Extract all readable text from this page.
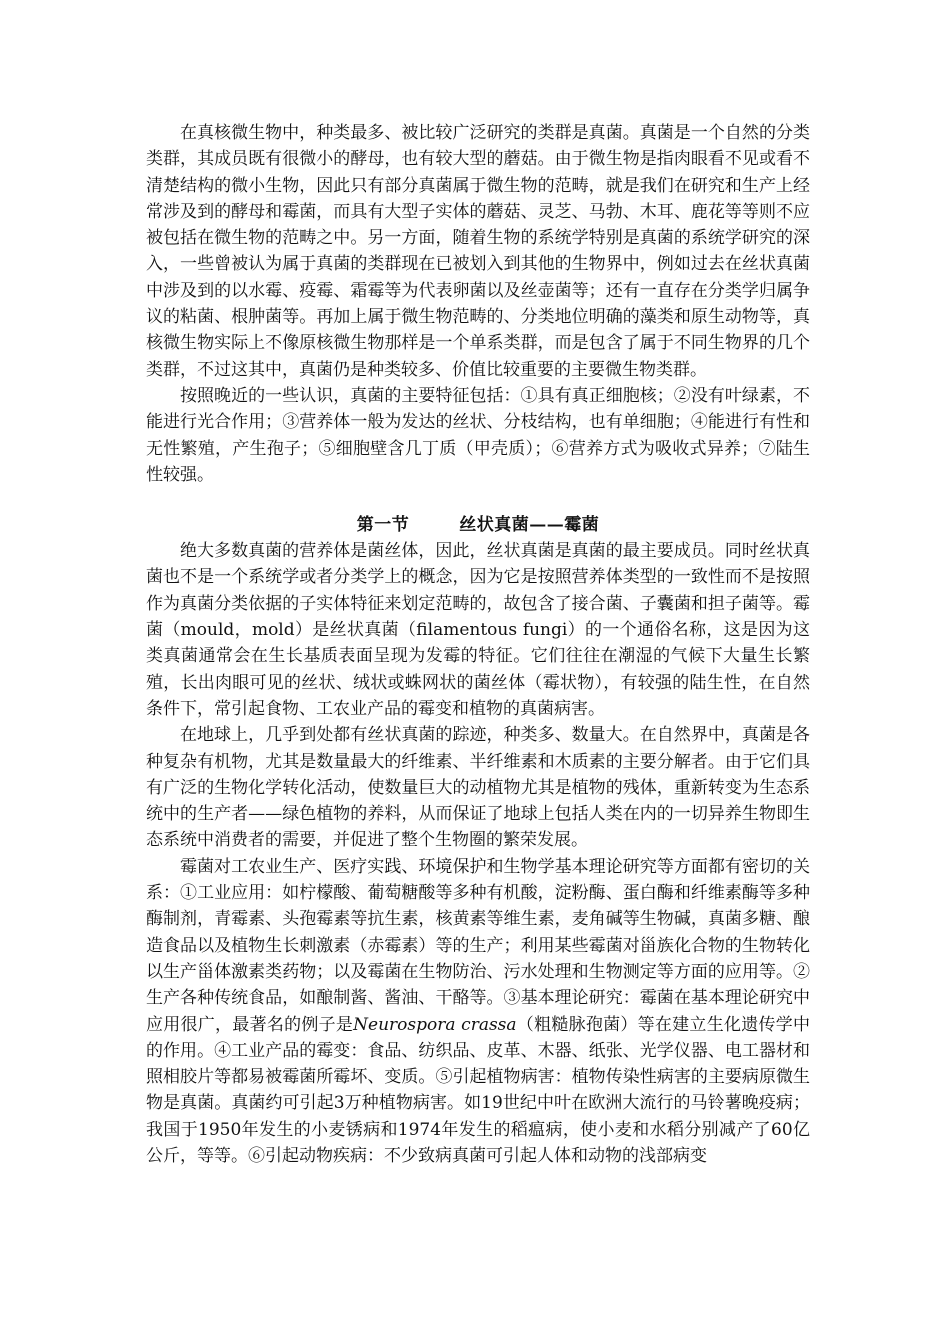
在真核微生物中，种类最多、被比较广泛研究的类群是真菌。真菌是一个自然的分类类群，其成员既有很微小的酵母，也有较大型的蘑菇。由于微生物是指肉眼看不见或看不清楚结构的微小生物，因此只有部分真菌属于微生物的范畴，就是我们在研究和生产上经常涉及到的酵母和霉菌，而具有大型子实体的蘑菇、灵芝、马勃、木耳、鹿花等等则不应被包括在微生物的范畴之中。另一方面，随着生物的系统学特别是真菌的系统学研究的深入，一些曾被认为属于真菌的类群现在已被划入到其他的生物界中，例如过去在丝状真菌中涉及到的以水霉、疫霉、霜霉等为代表卵菌以及丝壶菌等；还有一直存在分类学归属争议的粘菌、根肿菌等。再加上属于微生物范畴的、分类地位明确的藻类和原生动物等，真核微生物实际上不像原核微生物那样是一个单系类群，而是包含了属于不同生物界的几个类群，不过这其中，真菌仍是种类较多、价值比较重要的主要微生物类群。

按照晚近的一些认识，真菌的主要特征包括：①具有真正细胞核；②没有叶绿素，不能进行光合作用；③营养体一般为发达的丝状、分枝结构，也有单细胞；④能进行有性和无性繁殖，产生孢子；⑤细胞壁含几丁质（甲壳质）；⑥营养方式为吸收式异养；⑦陆生性较强。

第一节	丝状真菌——霉菌

绝大多数真菌的营养体是菌丝体，因此，丝状真菌是真菌的最主要成员。同时丝状真菌也不是一个系统学或者分类学上的概念，因为它是按照营养体类型的一致性而不是按照作为真菌分类依据的子实体特征来划定范畴的，故包含了接合菌、子囊菌和担子菌等。霉菌（mould，mold）是丝状真菌（filamentous fungi）的一个通俗名称，这是因为这类真菌通常会在生长基质表面呈现为发霉的特征。它们往往在潮湿的气候下大量生长繁殖，长出肉眼可见的丝状、绒状或蛛网状的菌丝体（霉状物），有较强的陆生性，在自然条件下，常引起食物、工农业产品的霉变和植物的真菌病害。

在地球上，几乎到处都有丝状真菌的踪迹，种类多、数量大。在自然界中，真菌是各种复杂有机物，尤其是数量最大的纤维素、半纤维素和木质素的主要分解者。由于它们具有广泛的生物化学转化活动，使数量巨大的动植物尤其是植物的残体，重新转变为生态系统中的生产者——绿色植物的养料，从而保证了地球上包括人类在内的一切异养生物即生态系统中消费者的需要，并促进了整个生物圈的繁荣发展。

霉菌对工农业生产、医疗实践、环境保护和生物学基本理论研究等方面都有密切的关系：①工业应用：如柠檬酸、葡萄糖酸等多种有机酸，淀粉酶、蛋白酶和纤维素酶等多种酶制剂，青霉素、头孢霉素等抗生素，核黄素等维生素，麦角碱等生物碱，真菌多糖、酿造食品以及植物生长刺激素（赤霉素）等的生产；利用某些霉菌对甾族化合物的生物转化以生产甾体激素类药物；以及霉菌在生物防治、污水处理和生物测定等方面的应用等。②生产各种传统食品，如酿制酱、酱油、干酪等。③基本理论研究：霉菌在基本理论研究中应用很广，最著名的例子是Neurospora crassa（粗糙脉孢菌）等在建立生化遗传学中的作用。④工业产品的霉变：食品、纺织品、皮革、木器、纸张、光学仪器、电工器材和照相胶片等都易被霉菌所霉坏、变质。⑤引起植物病害：植物传染性病害的主要病原微生物是真菌。真菌约可引起3万种植物病害。如19世纪中叶在欧洲大流行的马铃薯晚疫病；我国于1950年发生的小麦锈病和1974年发生的稻瘟病，使小麦和水稻分别减产了60亿公斤，等等。⑥引起动物疾病：不少致病真菌可引起人体和动物的浅部病变
